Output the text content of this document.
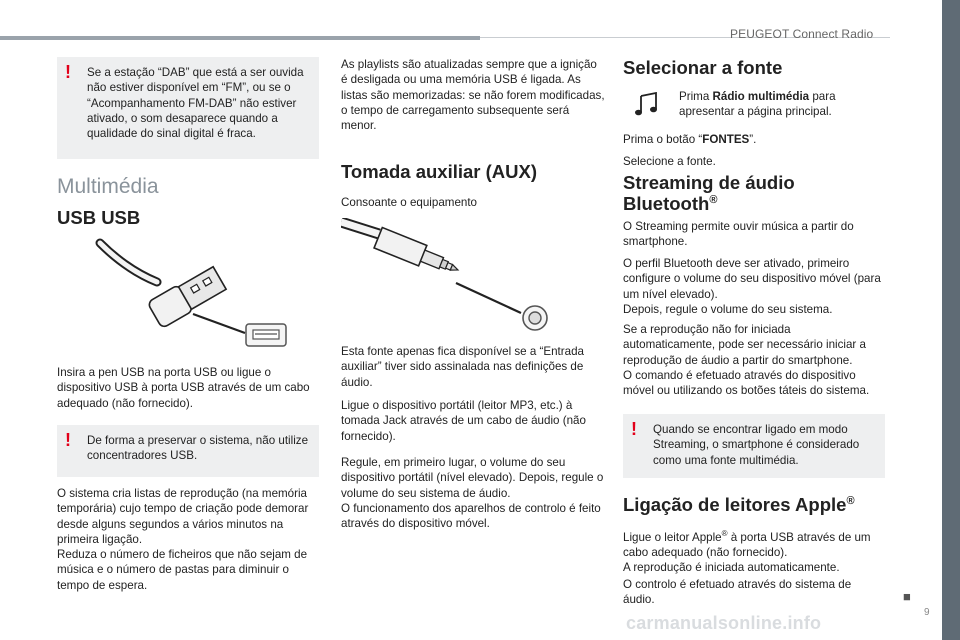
PEUGEOT Connect Radio
! Se a estação “DAB” que está a ser ouvida não estiver disponível em “FM”, ou se o “Acompanhamento FM-DAB” não estiver ativado, o som desaparece quando a qualidade do sinal digital é fraca.
Multimédia
USB USB

Insira a pen USB na porta USB ou ligue o dispositivo USB à porta USB através de um cabo adequado (não fornecido).

! De forma a preservar o sistema, não utilize concentradores USB.

O sistema cria listas de reprodução (na memória temporária) cujo tempo de criação pode demorar desde alguns segundos a vários minutos na primeira ligação.
Reduza o número de ficheiros que não sejam de música e o número de pastas para diminuir o tempo de espera.

As playlists são atualizadas sempre que a ignição é desligada ou uma memória USB é ligada. As listas são memorizadas: se não forem modificadas, o tempo de carregamento subsequente será menor.

Tomada auxiliar (AUX)

Consoante o equipamento

Esta fonte apenas fica disponível se a “Entrada auxiliar” tiver sido assinalada nas definições de áudio.

Ligue o dispositivo portátil (leitor MP3, etc.) à tomada Jack através de um cabo de áudio (não fornecido).

Regule, em primeiro lugar, o volume do seu dispositivo portátil (nível elevado). Depois, regule o volume do seu sistema de áudio.
O funcionamento dos aparelhos de controlo é feito através do dispositivo móvel.

Selecionar a fonte

Prima Rádio multimédia para apresentar a página principal.

Prima o botão “FONTES”.

Selecione a fonte.

Streaming de áudio Bluetooth®

O Streaming permite ouvir música a partir do smartphone.

O perfil Bluetooth deve ser ativado, primeiro configure o volume do seu dispositivo móvel (para um nível elevado).
Depois, regule o volume do seu sistema.

Se a reprodução não for iniciada automaticamente, pode ser necessário iniciar a reprodução de áudio a partir do smartphone.
O comando é efetuado através do dispositivo móvel ou utilizando os botões táteis do sistema.

! Quando se encontrar ligado em modo Streaming, o smartphone é considerado como uma fonte multimédia.
Ligação de leitores Apple®

Ligue o leitor Apple® à porta USB através de um cabo adequado (não fornecido).
A reprodução é iniciada automaticamente.

O controlo é efetuado através do sistema de áudio.	■
9
carmanualsonline.info
